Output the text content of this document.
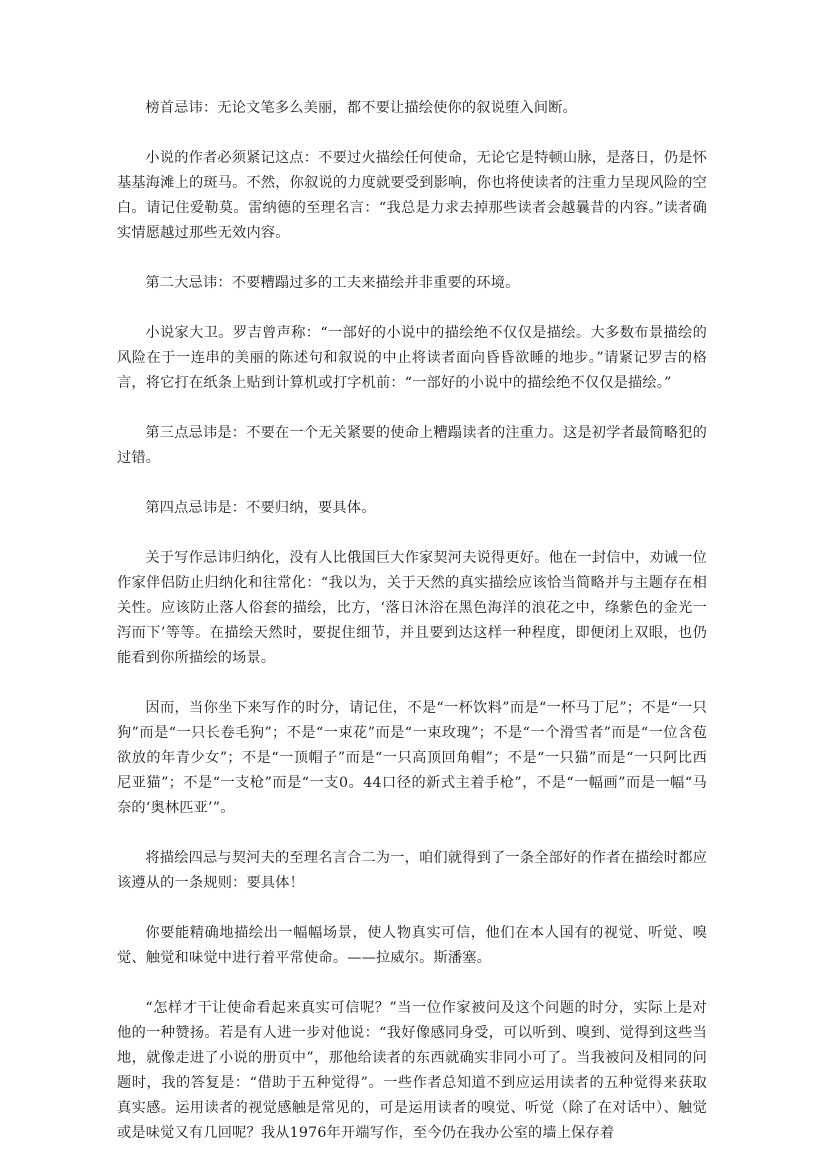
榜首忌讳：无论文笔多么美丽，都不要让描绘使你的叙说堕入间断。

小说的作者必须紧记这点：不要过火描绘任何使命，无论它是特顿山脉，是落日，仍是怀基基海滩上的斑马。不然，你叙说的力度就要受到影响，你也将使读者的注重力呈现风险的空白。请记住爱勒莫。雷纳德的至理名言：“我总是力求去掉那些读者会越曩昔的内容。”读者确实情愿越过那些无效内容。

第二大忌讳：不要糟蹋过多的工夫来描绘并非重要的环境。

小说家大卫。罗吉曾声称：“一部好的小说中的描绘绝不仅仅是描绘。大多数布景描绘的风险在于一连串的美丽的陈述句和叙说的中止将读者面向昏昏欲睡的地步。”请紧记罗吉的格言，将它打在纸条上贴到计算机或打字机前：“一部好的小说中的描绘绝不仅仅是描绘。”

第三点忌讳是：不要在一个无关紧要的使命上糟蹋读者的注重力。这是初学者最简略犯的过错。

第四点忌讳是：不要归纳，要具体。

关于写作忌讳归纳化，没有人比俄国巨大作家契河夫说得更好。他在一封信中，劝诫一位作家伴侣防止归纳化和往常化：“我以为，关于天然的真实描绘应该恰当简略并与主题存在相关性。应该防止落人俗套的描绘，比方，‘落日沐浴在黑色海洋的浪花之中，绦紫色的金光一泻而下’等等。在描绘天然时，要捉住细节，并且要到达这样一种程度，即便闭上双眼，也仍能看到你所描绘的场景。

因而，当你坐下来写作的时分，请记住，不是“一杯饮料”而是“一杯马丁尼”；不是“一只狗”而是“一只长卷毛狗”；不是“一束花”而是“一束玫瑰”；不是“一个滑雪者”而是“一位含苞欲放的年青少女”；不是“一顶帽子”而是“一只高顶回角帽”；不是“一只猫”而是“一只阿比西尼亚猫”；不是“一支枪”而是“一支0。44口径的新式主着手枪”，不是“一幅画”而是一幅“马奈的‘奥林匹亚’”。

将描绘四忌与契河夫的至理名言合二为一，咱们就得到了一条全部好的作者在描绘时都应该遵从的一条规则：要具体！

你要能精确地描绘出一幅幅场景，使人物真实可信，他们在本人国有的视觉、听觉、嗅觉、触觉和味觉中进行着平常使命。——拉威尔。斯潘塞。

“怎样才干让使命看起来真实可信呢？”当一位作家被问及这个问题的时分，实际上是对他的一种赞扬。若是有人进一步对他说：“我好像感同身受，可以听到、嗅到、觉得到这些当地，就像走进了小说的册页中”，那他给读者的东西就确实非同小可了。当我被问及相同的问题时，我的答复是：“借助于五种觉得”。一些作者总知道不到应运用读者的五种觉得来获取真实感。运用读者的视觉感触是常见的，可是运用读者的嗅觉、听觉（除了在对话中）、触觉或是味觉又有几回呢？我从1976年开端写作，至今仍在我办公室的墙上保存着
